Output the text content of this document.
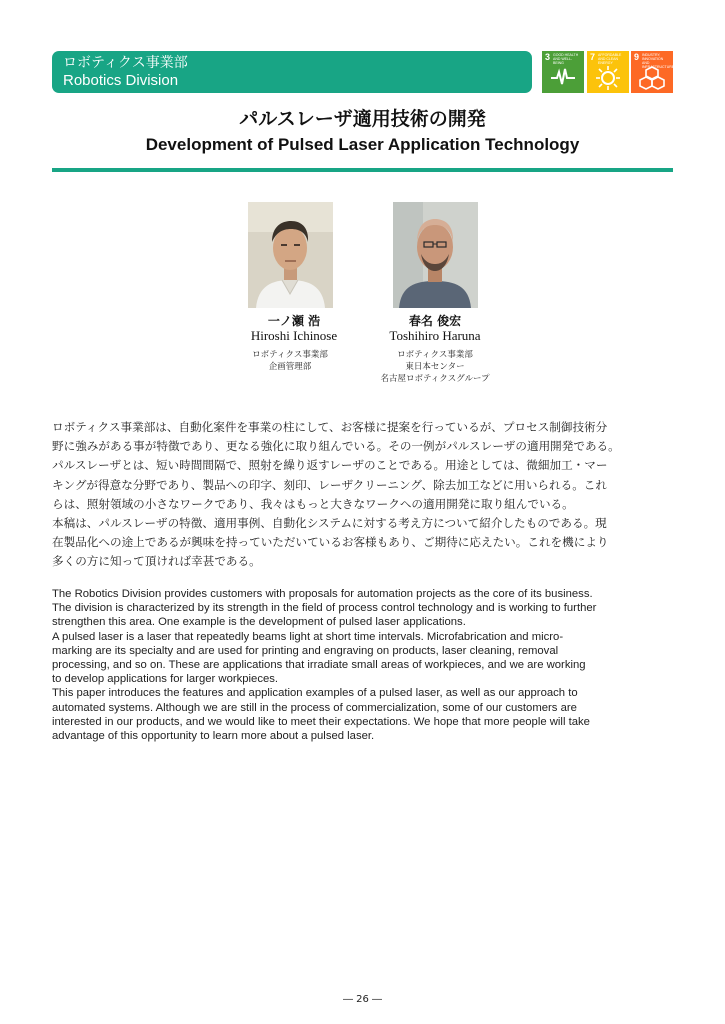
ロボティクス事業部
Robotics Division
3 GOOD HEALTH AND WELL-BEING
7 AFFORDABLE AND CLEAN ENERGY
9 INDUSTRY, INNOVATION AND INFRASTRUCTURE
パルスレーザ適用技術の開発
Development of Pulsed Laser Application Technology
一ノ瀬 浩
Hiroshi Ichinose
ロボティクス事業部
企画管理部
春名 俊宏
Toshihiro Haruna
ロボティクス事業部
東日本センター
名古屋ロボティクスグループ

ロボティクス事業部は、自動化案件を事業の柱にして、お客様に提案を行っているが、プロセス制御技術分
野に強みがある事が特徴であり、更なる強化に取り組んでいる。その一例がパルスレーザの適用開発である。
パルスレーザとは、短い時間間隔で、照射を繰り返すレーザのことである。用途としては、微細加工・マー
キングが得意な分野であり、製品への印字、刻印、レーザクリーニング、除去加工などに用いられる。これ
らは、照射領域の小さなワークであり、我々はもっと大きなワークへの適用開発に取り組んでいる。
本稿は、パルスレーザの特徴、適用事例、自動化システムに対する考え方について紹介したものである。現
在製品化への途上であるが興味を持っていただいているお客様もあり、ご期待に応えたい。これを機により
多くの方に知って頂ければ幸甚である。

The Robotics Division provides customers with proposals for automation projects as the core of its business.
The division is characterized by its strength in the field of process control technology and is working to further
strengthen this area. One example is the development of pulsed laser applications.
A pulsed laser is a laser that repeatedly beams light at short time intervals. Microfabrication and micro-
marking are its specialty and are used for printing and engraving on products, laser cleaning, removal
processing, and so on. These are applications that irradiate small areas of workpieces, and we are working
to develop applications for larger workpieces.
This paper introduces the features and application examples of a pulsed laser, as well as our approach to
automated systems. Although we are still in the process of commercialization, some of our customers are
interested in our products, and we would like to meet their expectations. We hope that more people will take
advantage of this opportunity to learn more about a pulsed laser.

― 26 ―
